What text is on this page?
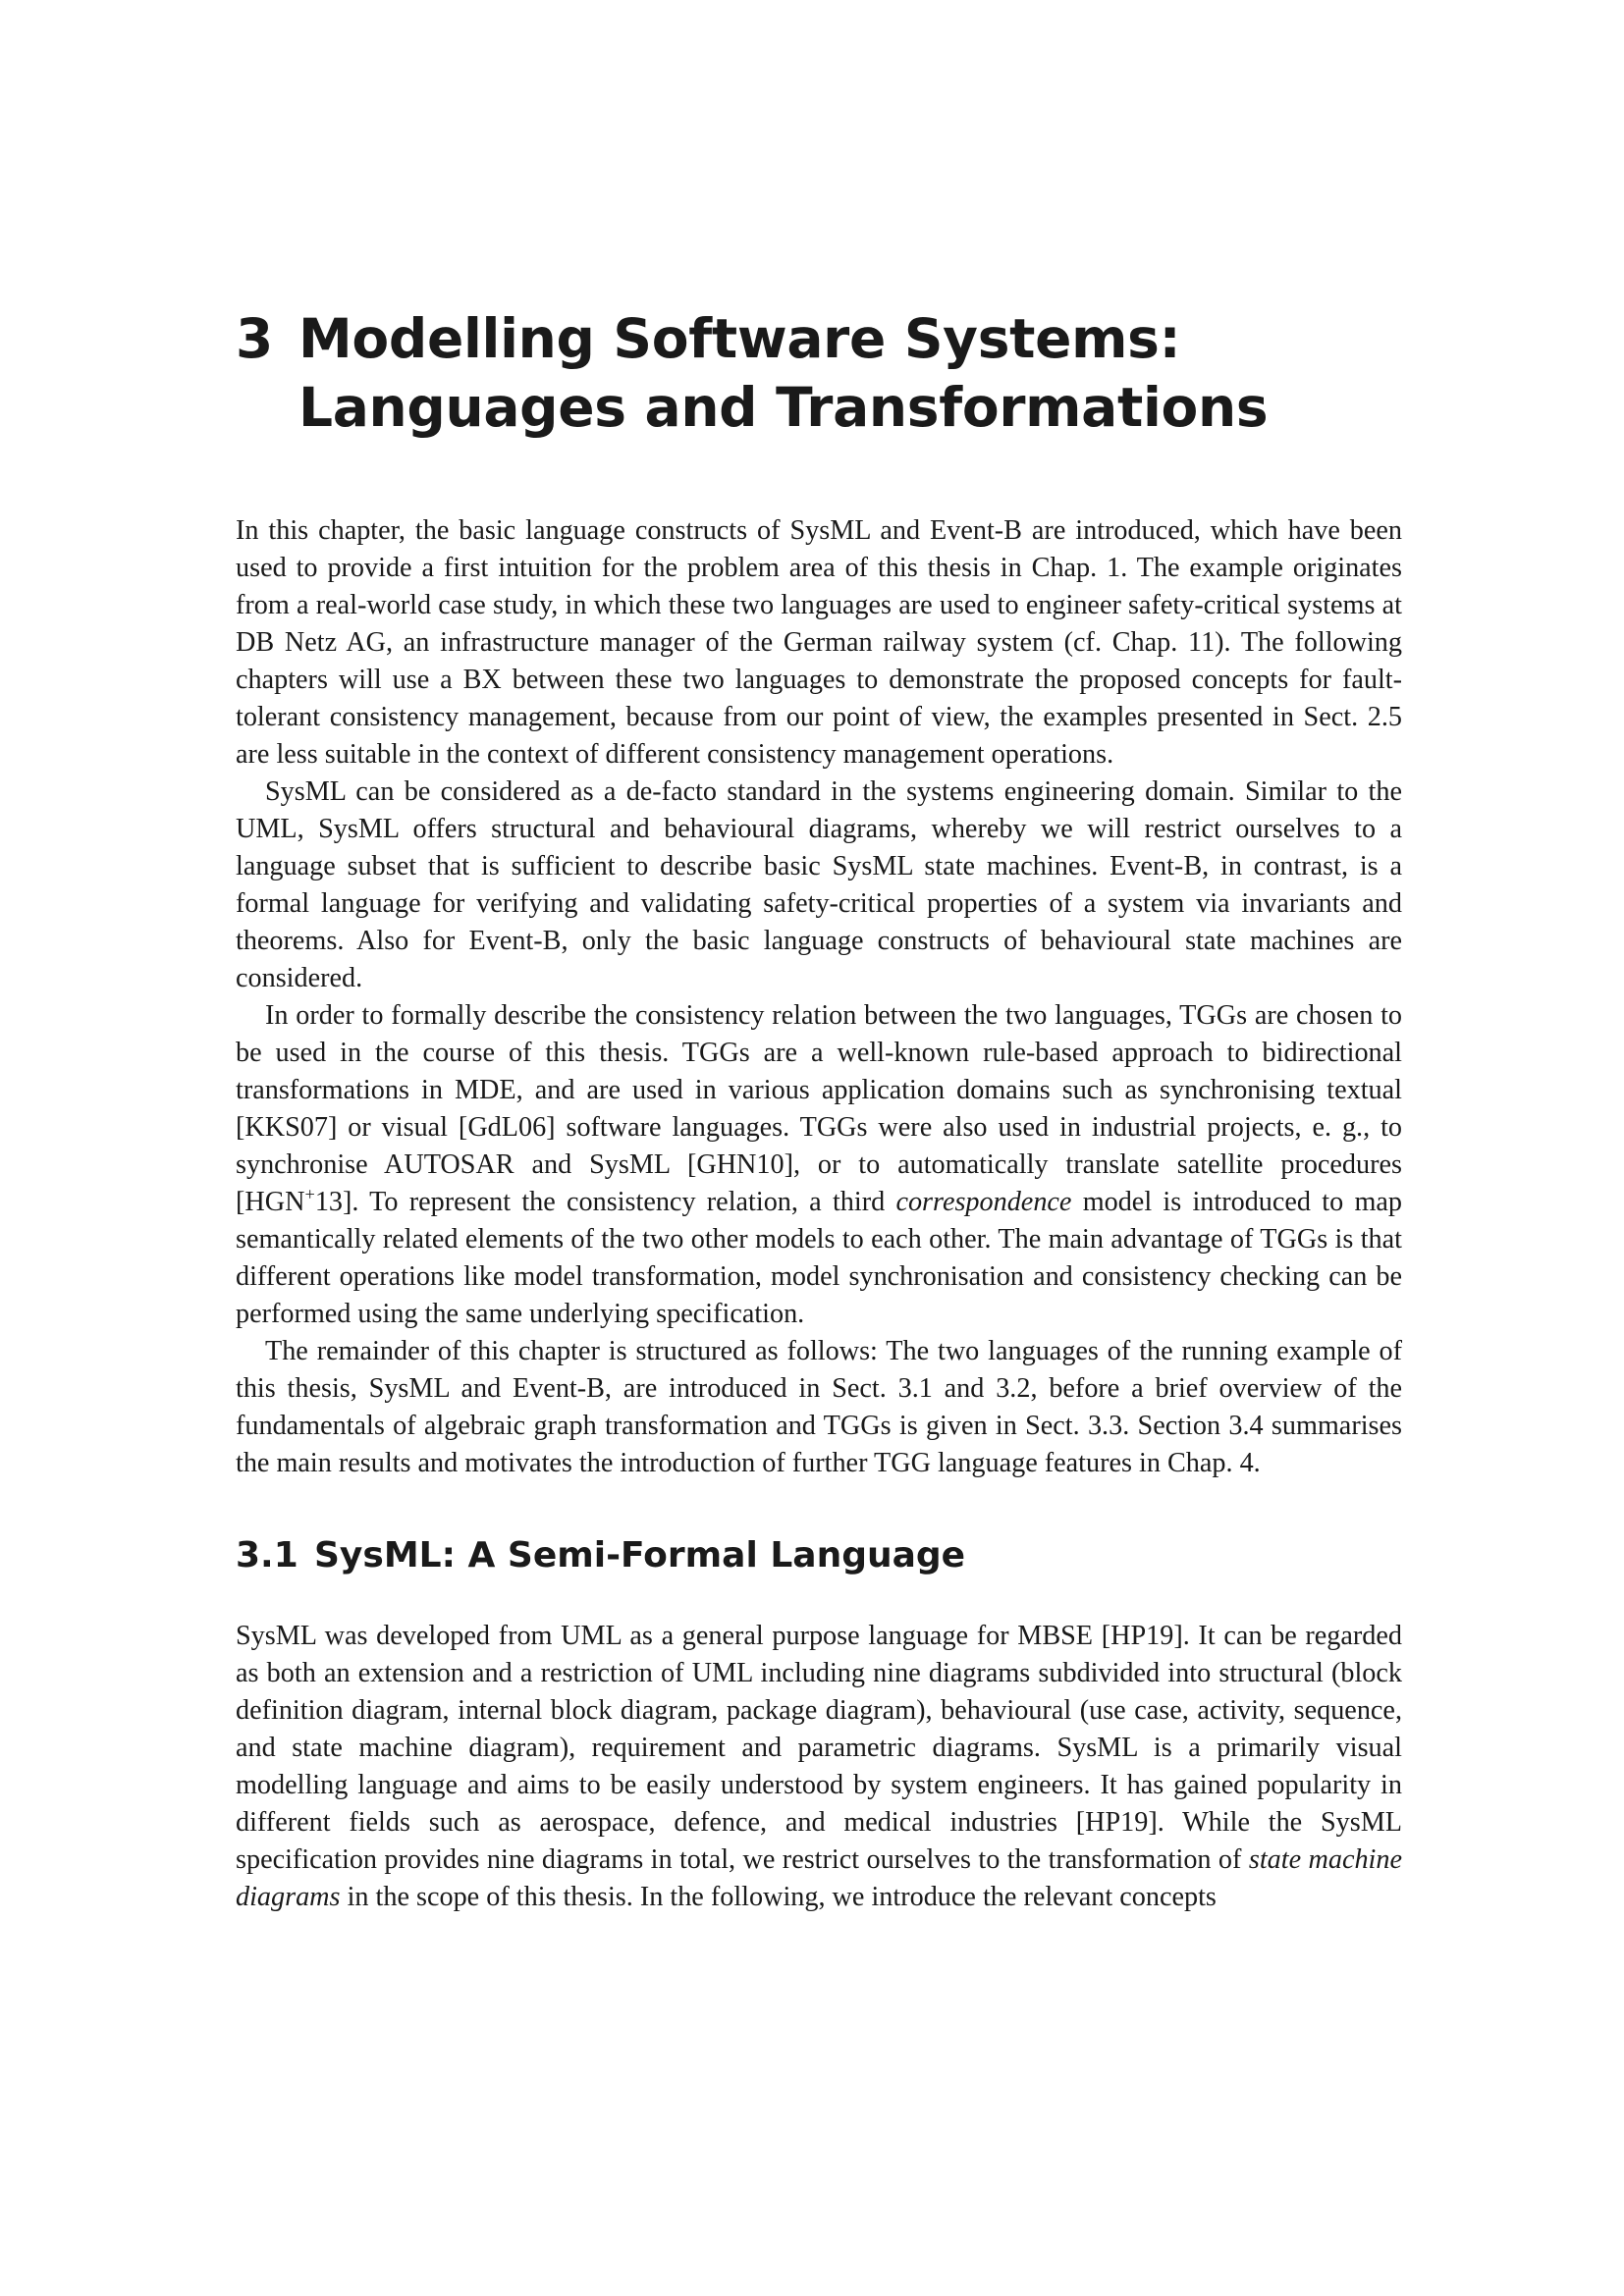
3 Modelling Software Systems: Languages and Transformations

In this chapter, the basic language constructs of SysML and Event-B are introduced, which have been used to provide a first intuition for the problem area of this thesis in Chap. 1. The example originates from a real-world case study, in which these two languages are used to engineer safety-critical systems at DB Netz AG, an infrastructure manager of the German railway system (cf. Chap. 11). The following chapters will use a BX between these two languages to demonstrate the proposed concepts for fault-tolerant consistency management, because from our point of view, the examples presented in Sect. 2.5 are less suitable in the context of different consistency management operations.

SysML can be considered as a de-facto standard in the systems engineering domain. Similar to the UML, SysML offers structural and behavioural diagrams, whereby we will restrict ourselves to a language subset that is sufficient to describe basic SysML state machines. Event-B, in contrast, is a formal language for verifying and validating safety-critical properties of a system via invariants and theorems. Also for Event-B, only the basic language constructs of behavioural state machines are considered.

In order to formally describe the consistency relation between the two languages, TGGs are chosen to be used in the course of this thesis. TGGs are a well-known rule-based approach to bidirectional transformations in MDE, and are used in various application domains such as synchronising textual [KKS07] or visual [GdL06] software languages. TGGs were also used in industrial projects, e. g., to synchronise AUTOSAR and SysML [GHN10], or to automatically translate satellite procedures [HGN+13]. To represent the consistency relation, a third correspondence model is introduced to map semantically related elements of the two other models to each other. The main advantage of TGGs is that different operations like model transformation, model synchronisation and consistency checking can be performed using the same underlying specification.

The remainder of this chapter is structured as follows: The two languages of the running example of this thesis, SysML and Event-B, are introduced in Sect. 3.1 and 3.2, before a brief overview of the fundamentals of algebraic graph transformation and TGGs is given in Sect. 3.3. Section 3.4 summarises the main results and motivates the introduction of further TGG language features in Chap. 4.

3.1 SysML: A Semi-Formal Language

SysML was developed from UML as a general purpose language for MBSE [HP19]. It can be regarded as both an extension and a restriction of UML including nine diagrams subdivided into structural (block definition diagram, internal block diagram, package diagram), behavioural (use case, activity, sequence, and state machine diagram), requirement and parametric diagrams. SysML is a primarily visual modelling language and aims to be easily understood by system engineers. It has gained popularity in different fields such as aerospace, defence, and medical industries [HP19]. While the SysML specification provides nine diagrams in total, we restrict ourselves to the transformation of state machine diagrams in the scope of this thesis. In the following, we introduce the relevant concepts
